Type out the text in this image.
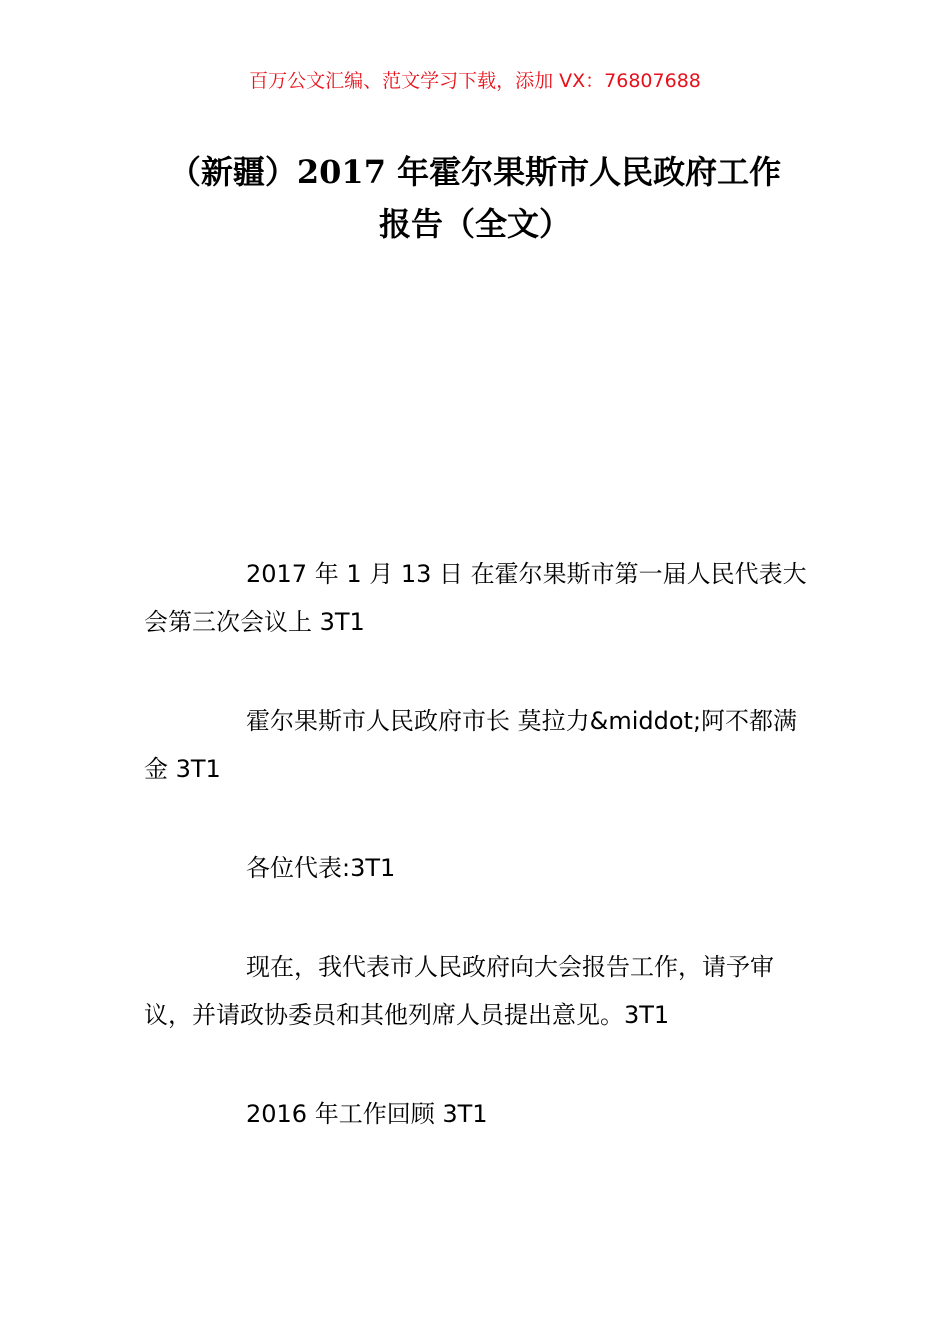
百万公文汇编、范文学习下载，添加 VX：76807688
（新疆）2017 年霍尔果斯市人民政府工作
报告（全文）

2017 年 1 月 13 日 在霍尔果斯市第一届人民代表大会第三次会议上 3T1

霍尔果斯市人民政府市长 莫拉力&middot;阿不都满金 3T1

各位代表:3T1

现在，我代表市人民政府向大会报告工作，请予审议，并请政协委员和其他列席人员提出意见。3T1

2016 年工作回顾 3T1
